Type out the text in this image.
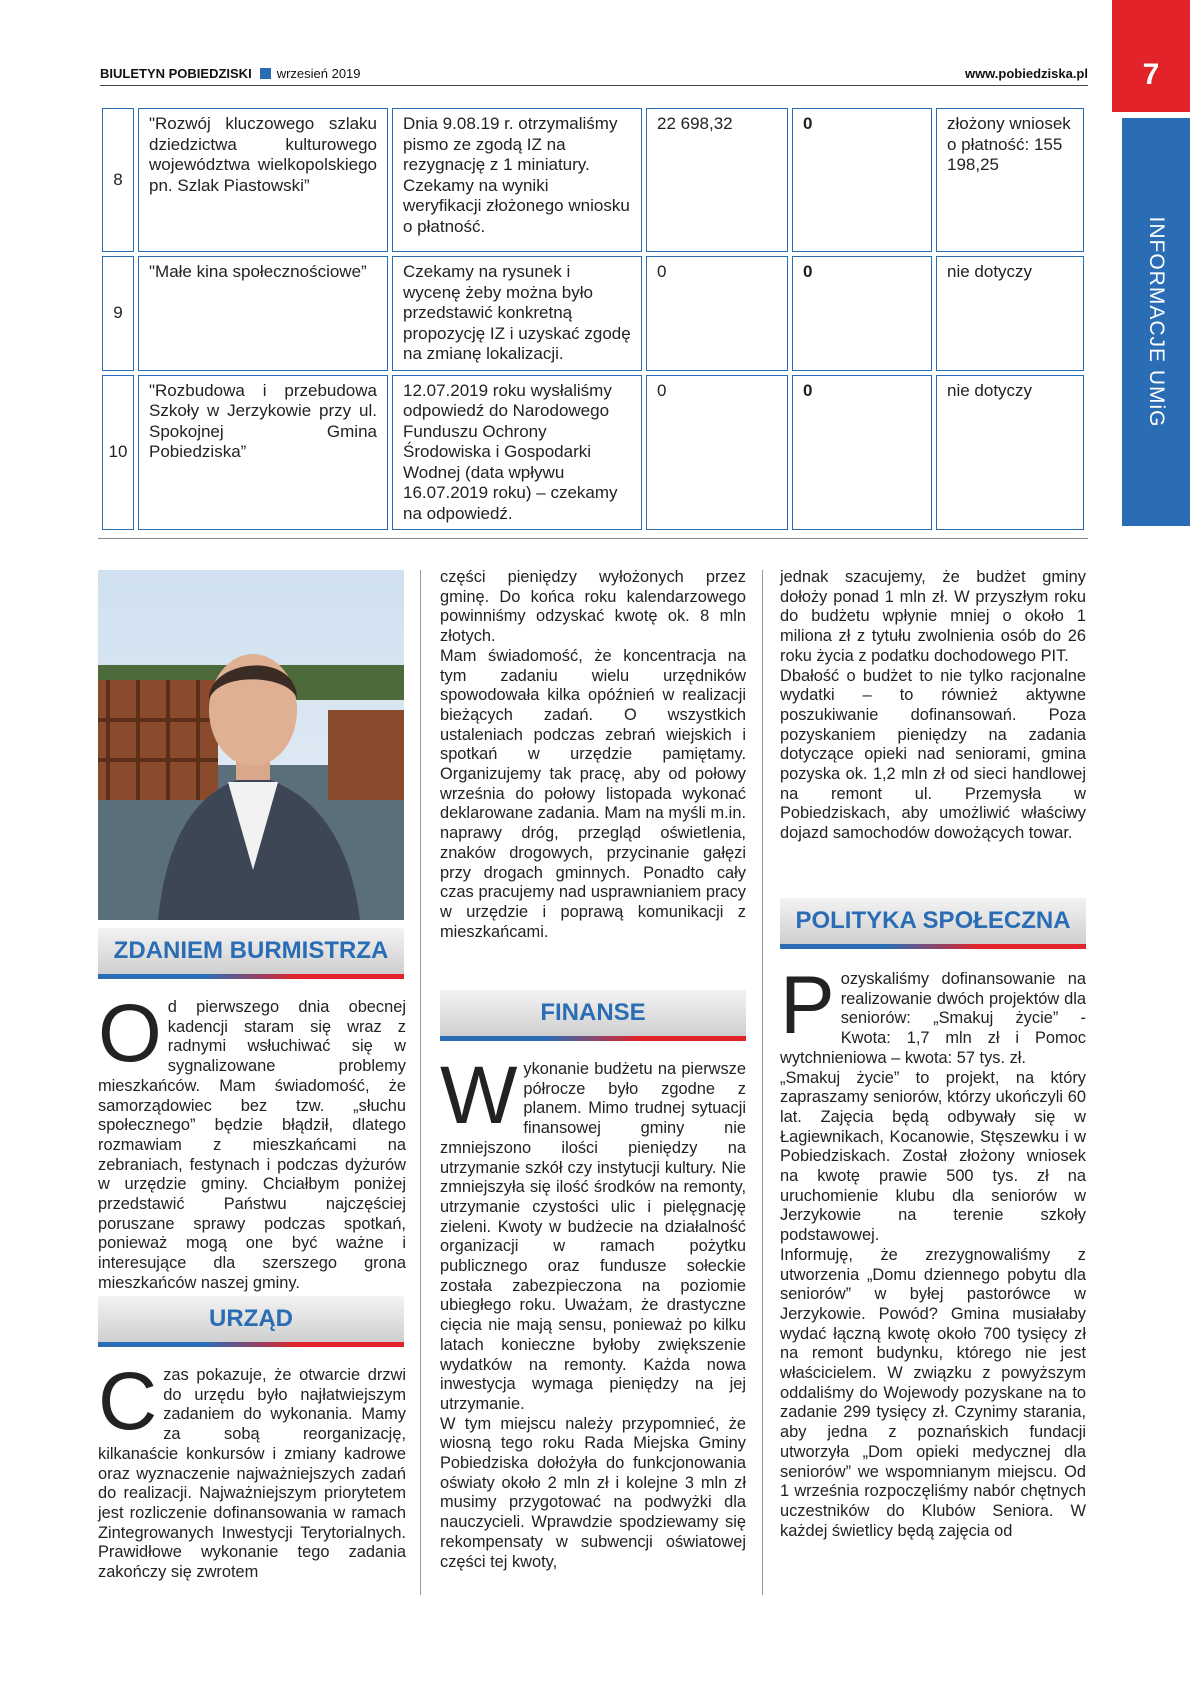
BIULETYN POBIEDZISKI wrzesień 2019	www.pobiedziska.pl	7
INFORMACJE UMiG
8	"Rozwój kluczowego szlaku dziedzictwa kulturowego województwa wielkopolskiego pn. Szlak Piastowski”	Dnia 9.08.19 r. otrzymaliśmy pismo ze zgodą IZ na rezygnację z 1 miniatury. Czekamy na wyniki weryfikacji złożonego wniosku o płatność.	22 698,32	0	złożony wniosek o płatność: 155 198,25
9	"Małe kina społecznościowe”	Czekamy na rysunek i wycenę żeby można było przedstawić konkretną propozycję IZ i uzyskać zgodę na zmianę lokalizacji.	0	0	nie dotyczy
10	"Rozbudowa i przebudowa Szkoły w Jerzykowie przy ul. Spokojnej Gmina Pobiedziska”	12.07.2019 roku wysłaliśmy odpowiedź do Narodowego Funduszu Ochrony Środowiska i Gospodarki Wodnej (data wpływu 16.07.2019 roku) – czekamy na odpowiedź.	0	0	nie dotyczy
ZDANIEM BURMISTRZA

Od pierwszego dnia obecnej kadencji staram się wraz z radnymi wsłuchiwać się w sygnalizowane problemy mieszkańców. Mam świadomość, że samorządowiec bez tzw. „słuchu społecznego” będzie błądził, dlatego rozmawiam z mieszkańcami na zebraniach, festynach i podczas dyżurów w urzędzie gminy. Chciałbym poniżej przedstawić Państwu najczęściej poruszane sprawy podczas spotkań, ponieważ mogą one być ważne i interesujące dla szerszego grona mieszkańców naszej gminy.

URZĄD

Czas pokazuje, że otwarcie drzwi do urzędu było najłatwiejszym zadaniem do wykonania. Mamy za sobą reorganizację, kilkanaście konkursów i zmiany kadrowe oraz wyznaczenie najważniejszych zadań do realizacji. Najważniejszym priorytetem jest rozliczenie dofinansowania w ramach Zintegrowanych Inwestycji Terytorialnych. Prawidłowe wykonanie tego zadania zakończy się zwrotem

części pieniędzy wyłożonych przez gminę. Do końca roku kalendarzowego powinniśmy odzyskać kwotę ok. 8 mln złotych.

Mam świadomość, że koncentracja na tym zadaniu wielu urzędników spowodowała kilka opóźnień w realizacji bieżących zadań. O wszystkich ustaleniach podczas zebrań wiejskich i spotkań w urzędzie pamiętamy. Organizujemy tak pracę, aby od połowy września do połowy listopada wykonać deklarowane zadania. Mam na myśli m.in. naprawy dróg, przegląd oświetlenia, znaków drogowych, przycinanie gałęzi przy drogach gminnych. Ponadto cały czas pracujemy nad usprawnianiem pracy w urzędzie i poprawą komunikacji z mieszkańcami.

FINANSE

Wykonanie budżetu na pierwsze półrocze było zgodne z planem. Mimo trudnej sytuacji finansowej gminy nie zmniejszono ilości pieniędzy na utrzymanie szkół czy instytucji kultury. Nie zmniejszyła się ilość środków na remonty, utrzymanie czystości ulic i pielęgnację zieleni. Kwoty w budżecie na działalność organizacji w ramach pożytku publicznego oraz fundusze sołeckie została zabezpieczona na poziomie ubiegłego roku. Uważam, że drastyczne cięcia nie mają sensu, ponieważ po kilku latach konieczne byłoby zwiększenie wydatków na remonty. Każda nowa inwestycja wymaga pieniędzy na jej utrzymanie.

W tym miejscu należy przypomnieć, że wiosną tego roku Rada Miejska Gminy Pobiedziska dołożyła do funkcjonowania oświaty około 2 mln zł i kolejne 3 mln zł musimy przygotować na podwyżki dla nauczycieli. Wprawdzie spodziewamy się rekompensaty w subwencji oświatowej części tej kwoty,

jednak szacujemy, że budżet gminy dołoży ponad 1 mln zł. W przyszłym roku do budżetu wpłynie mniej o około 1 miliona zł z tytułu zwolnienia osób do 26 roku życia z podatku dochodowego PIT.

Dbałość o budżet to nie tylko racjonalne wydatki – to również aktywne poszukiwanie dofinansowań. Poza pozyskaniem pieniędzy na zadania dotyczące opieki nad seniorami, gmina pozyska ok. 1,2 mln zł od sieci handlowej na remont ul. Przemysła w Pobiedziskach, aby umożliwić właściwy dojazd samochodów dowożących towar.

POLITYKA SPOŁECZNA

Pozyskaliśmy dofinansowanie na realizowanie dwóch projektów dla seniorów: „Smakuj życie” - Kwota: 1,7 mln zł i Pomoc wytchnieniowa – kwota: 57 tys. zł.

„Smakuj życie” to projekt, na który zapraszamy seniorów, którzy ukończyli 60 lat. Zajęcia będą odbywały się w Łagiewnikach, Kocanowie, Stęszewku i w Pobiedziskach. Został złożony wniosek na kwotę prawie 500 tys. zł na uruchomienie klubu dla seniorów w Jerzykowie na terenie szkoły podstawowej.

Informuję, że zrezygnowaliśmy z utworzenia „Domu dziennego pobytu dla seniorów” w byłej pastorówce w Jerzykowie. Powód? Gmina musiałaby wydać łączną kwotę około 700 tysięcy zł na remont budynku, którego nie jest właścicielem. W związku z powyższym oddaliśmy do Wojewody pozyskane na to zadanie 299 tysięcy zł. Czynimy starania, aby jedna z poznańskich fundacji utworzyła „Dom opieki medycznej dla seniorów” we wspomnianym miejscu. Od 1 września rozpoczęliśmy nabór chętnych uczestników do Klubów Seniora. W każdej świetlicy będą zajęcia od
